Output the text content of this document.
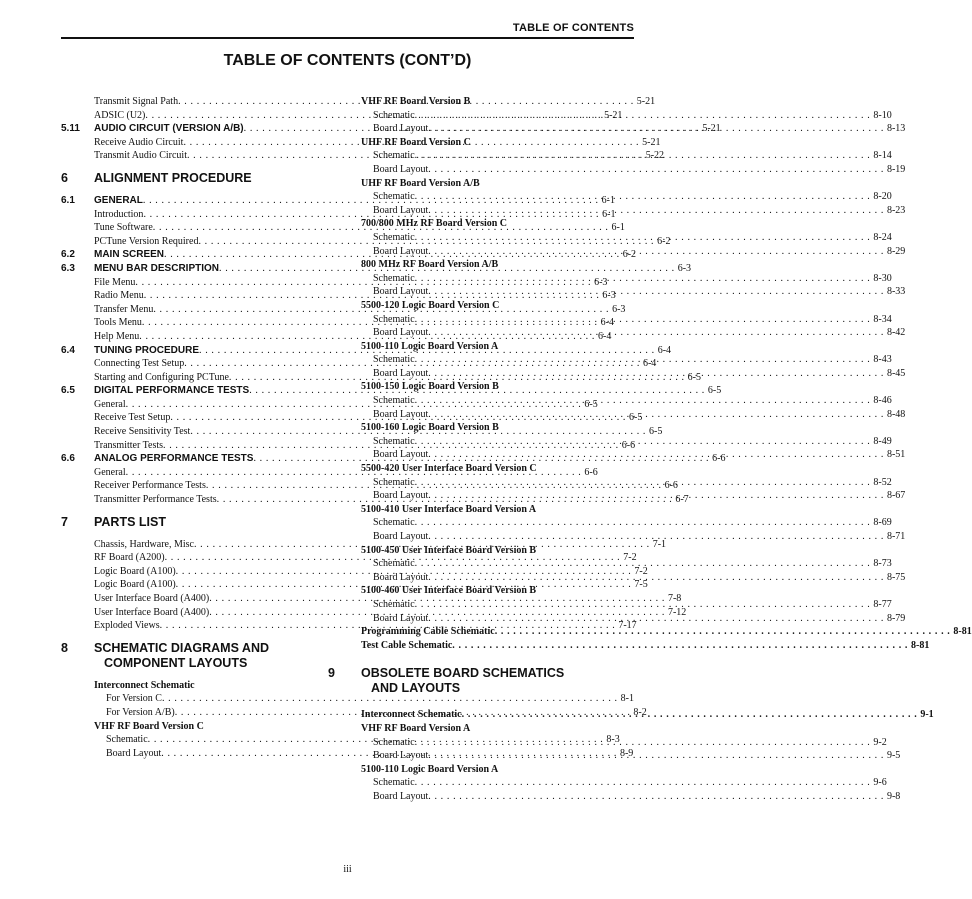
TABLE OF CONTENTS
TABLE OF CONTENTS (CONT’D)
Transmit Signal Path . . .	5-21
ADSIC (U2) . . .	5-21
5.11	AUDIO CIRCUIT (VERSION A/B) . . .	5-21
Receive Audio Circuit . . .	5-21
Transmit Audio Circuit . . .	5-22
6	ALIGNMENT PROCEDURE
6.1	GENERAL . . .	6-1
Introduction . . .	6-1
Tune Software . . .	6-1
PCTune Version Required . . .	6-2
6.2	MAIN SCREEN . . .	6-2
6.3	MENU BAR DESCRIPTION . . .	6-3
File Menu . . .	6-3
Radio Menu . . .	6-3
Transfer Menu . . .	6-3
Tools Menu . . .	6-4
Help Menu . . .	6-4
6.4	TUNING PROCEDURE . . .	6-4
Connecting Test Setup . . .	6-4
Starting and Configuring PCTune . . .	6-5
6.5	DIGITAL PERFORMANCE TESTS . . .	6-5
General . . .	6-5
Receive Test Setup . . .	6-5
Receive Sensitivity Test . . .	6-5
Transmitter Tests . . .	6-6
6.6	ANALOG PERFORMANCE TESTS . . .	6-6
General . . .	6-6
Receiver Performance Tests . . .	6-6
Transmitter Performance Tests . . .	6-7
7	PARTS LIST
Chassis, Hardware, Misc . . .	7-1
RF Board (A200) . . .	7-2
Logic Board (A100) . . .	7-2
Logic Board (A100) . . .	7-5
User Interface Board (A400) . . .	7-8
User Interface Board (A400) . . .	7-12
Exploded Views . . .	7-17
8	SCHEMATIC DIAGRAMS AND
COMPONENT LAYOUTS
Interconnect Schematic
For Version C . . .	8-1
For Version A/B) . . .	8-2
VHF RF Board Version C
Schematic . . .	8-3
Board Layout . . .	8-9
VHF RF Board Version B
Schematic . . .	8-10
Board Layout . . .	8-13
UHF RF Board Version C
Schematic . . .	8-14
Board Layout . . .	8-19
UHF RF Board Version A/B
Schematic . . .	8-20
Board Layout . . .	8-23
700/800 MHz RF Board Version C
Schematic . . .	8-24
Board Layout . . .	8-29
800 MHz RF Board Version A/B
Schematic . . .	8-30
Board Layout . . .	8-33
5500-120 Logic Board Version C
Schematic . . .	8-34
Board Layout . . .	8-42
5100-110 Logic Board Version A
Schematic . . .	8-43
Board Layout . . .	8-45
5100-150 Logic Board Version B
Schematic . . .	8-46
Board Layout . . .	8-48
5100-160 Logic Board Version B
Schematic . . .	8-49
Board Layout . . .	8-51
5500-420 User Interface Board Version C
Schematic . . .	8-52
Board Layout . . .	8-67
5100-410 User Interface Board Version A
Schematic . . .	8-69
Board Layout . . .	8-71
5100-450 User Interface Board Version B
Schematic . . .	8-73
Board Layout . . .	8-75
5100-460 User Interface Board Version B
Schematic . . .	8-77
Board Layout . . .	8-79
Programming Cable Schematic . . .	8-81
Test Cable Schematic . . .	8-81
9	OBSOLETE BOARD SCHEMATICS
AND LAYOUTS
Interconnect Schematic . . .	9-1
VHF RF Board Version A
Schematic . . .	9-2
Board Layout . . .	9-5
5100-110 Logic Board Version A
Schematic . . .	9-6
Board Layout . . .	9-8
iii
